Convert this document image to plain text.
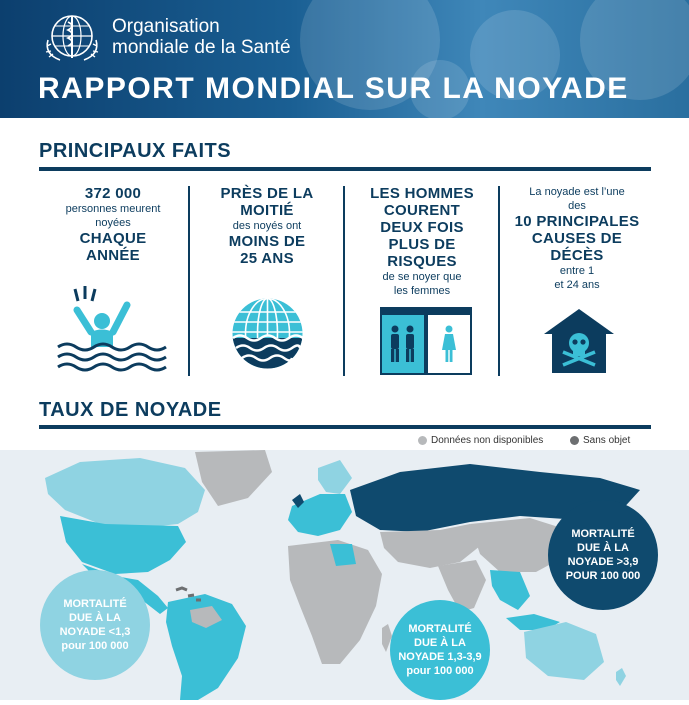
Organisation
mondiale de la Santé
RAPPORT MONDIAL SUR LA NOYADE
PRINCIPAUX FAITS
372 000
personnes meurent
noyées
CHAQUE
ANNÉE
PRÈS DE LA
MOITIÉ
des noyés ont
MOINS DE
25 ANS
LES HOMMES
COURENT
DEUX FOIS
PLUS DE
RISQUES
de se noyer que
les femmes
La noyade est l’une
des
10 PRINCIPALES
CAUSES DE
DÉCÈS
entre 1
et 24 ans
TAUX DE NOYADE
Données non disponibles	Sans objet
MORTALITÉ
DUE À LA
NOYADE <1,3
pour 100 000
MORTALITÉ
DUE À LA
NOYADE 1,3-3,9
pour 100 000
MORTALITÉ
DUE À LA
NOYADE >3,9
POUR 100 000
